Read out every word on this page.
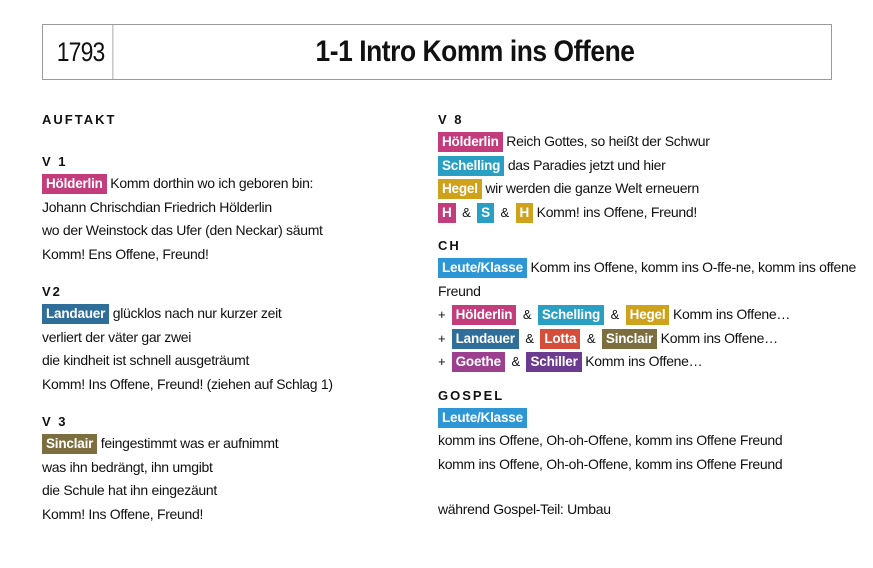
1793	1-1 Intro Komm ins Offene
AUFTAKT
V 1
Hölderlin Komm dorthin wo ich geboren bin:
Johann Chrischdian Friedrich Hölderlin
wo der Weinstock das Ufer (den Neckar) säumt
Komm! Ens Offene, Freund!
V2
Landauer glücklos nach nur kurzer zeit
verliert der väter gar zwei
die kindheit ist schnell ausgeträumt
Komm! Ins Offene, Freund! (ziehen auf Schlag 1)
V 3
Sinclair feingestimmt was er aufnimmt
was ihn bedrängt, ihn umgibt
die Schule hat ihn eingezäunt
Komm! Ins Offene, Freund!
V 8
Hölderlin Reich Gottes, so heißt der Schwur
Schelling das Paradies jetzt und hier
Hegel wir werden die ganze Welt erneuern
H & S & H Komm! ins Offene, Freund!
CH
Leute/Klasse Komm ins Offene, komm ins O-ffe-ne, komm ins offene
Freund
+ Hölderlin & Schelling & Hegel Komm ins Offene…
+ Landauer & Lotta & Sinclair Komm ins Offene…
+ Goethe & Schiller Komm ins Offene…
GOSPEL
Leute/Klasse
komm ins Offene, Oh-oh-Offene, komm ins Offene Freund
komm ins Offene, Oh-oh-Offene, komm ins Offene Freund
während Gospel-Teil: Umbau
